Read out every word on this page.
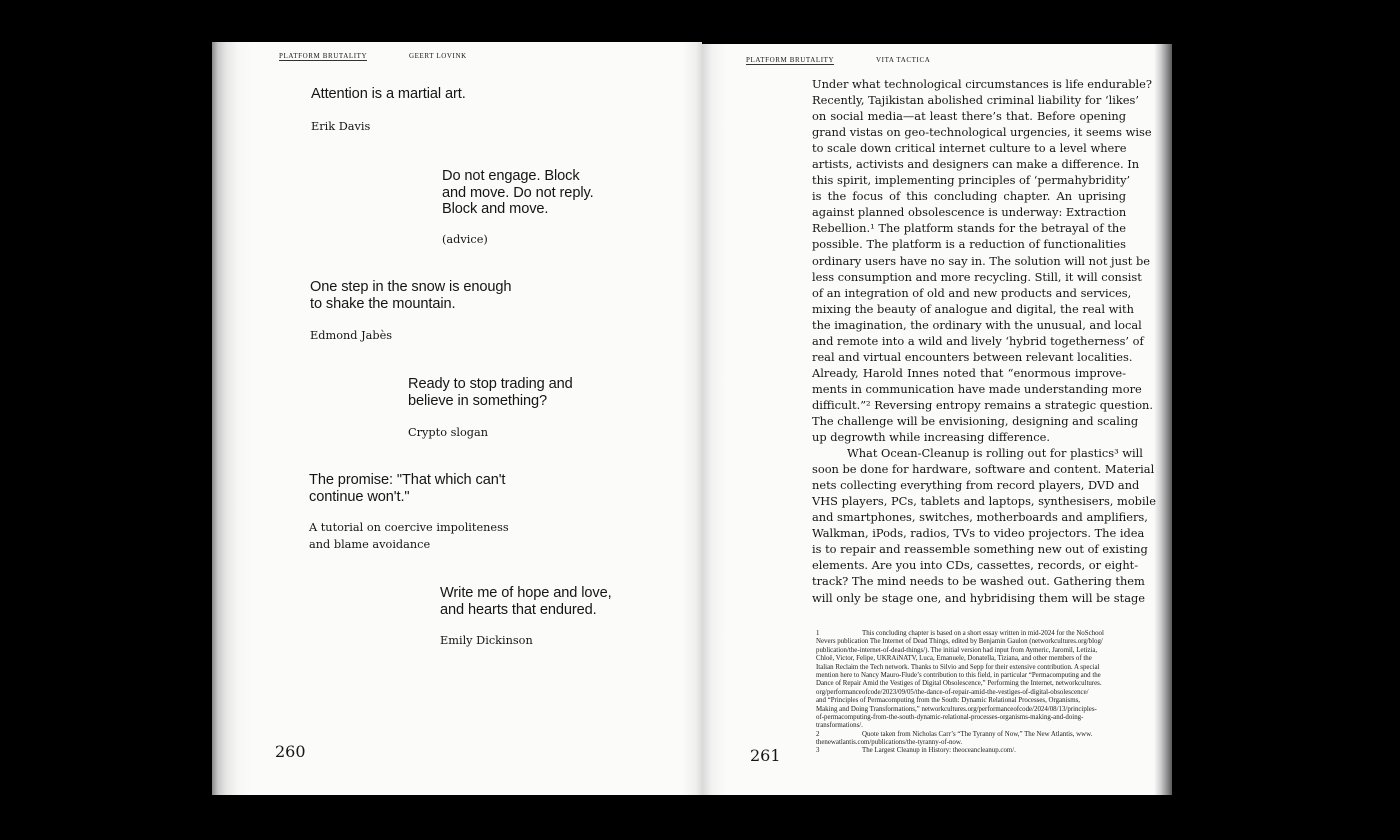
PLATFORM BRUTALITY	GEERT LOVINK
Attention is a martial art.
Erik Davis
Do not engage. Block
and move. Do not reply.
Block and move.
(advice)
One step in the snow is enough
to shake the mountain.
Edmond Jabès
Ready to stop trading and
believe in something?
Crypto slogan
The promise: "That which can't
continue won't."
A tutorial on coercive impoliteness
and blame avoidance
Write me of hope and love,
and hearts that endured.
Emily Dickinson
260
PLATFORM BRUTALITY	VITA TACTICA
Under what technological circumstances is life endurable?
Recently, Tajikistan abolished criminal liability for ‘likes’
on social media—at least there’s that. Before opening
grand vistas on geo-technological urgencies, it seems wise
to scale down critical internet culture to a level where
artists, activists and designers can make a difference. In
this spirit, implementing principles of ‘permahybridity’
is the focus of this concluding chapter. An uprising
against planned obsolescence is underway: Extraction
Rebellion.¹ The platform stands for the betrayal of the
possible. The platform is a reduction of functionalities
ordinary users have no say in. The solution will not just be
less consumption and more recycling. Still, it will consist
of an integration of old and new products and services,
mixing the beauty of analogue and digital, the real with
the imagination, the ordinary with the unusual, and local
and remote into a wild and lively ‘hybrid togetherness’ of
real and virtual encounters between relevant localities.
Already, Harold Innes noted that “enormous improve-
ments in communication have made understanding more
difficult.”² Reversing entropy remains a strategic question.
The challenge will be envisioning, designing and scaling
up degrowth while increasing difference.
What Ocean-Cleanup is rolling out for plastics³ will
soon be done for hardware, software and content. Material
nets collecting everything from record players, DVD and
VHS players, PCs, tablets and laptops, synthesisers, mobile
and smartphones, switches, motherboards and amplifiers,
Walkman, iPods, radios, TVs to video projectors. The idea
is to repair and reassemble something new out of existing
elements. Are you into CDs, cassettes, records, or eight-
track? The mind needs to be washed out. Gathering them
will only be stage one, and hybridising them will be stage
1	This concluding chapter is based on a short essay written in mid-2024 for the NoSchool
Nevers publication The Internet of Dead Things, edited by Benjamin Gaulon (networkcultures.org/blog/
publication/the-internet-of-dead-things/). The initial version had input from Aymeric, Jaromil, Letizia,
Chloë, Victor, Felipe, UKRAiNATV, Luca, Emanuele, Donatella, Tiziana, and other members of the
Italian Reclaim the Tech network. Thanks to Silvio and Sepp for their extensive contribution. A special
mention here to Nancy Mauro-Flude’s contribution to this field, in particular “Permacomputing and the
Dance of Repair Amid the Vestiges of Digital Obsolescence,” Performing the Internet, networkcultures.
org/performanceofcode/2023/09/05/the-dance-of-repair-amid-the-vestiges-of-digital-obsolescence/
and “Principles of Permacomputing from the South: Dynamic Relational Processes, Organisms,
Making and Doing Transformations,” networkcultures.org/performanceofcode/2024/08/13/principles-
of-permacomputing-from-the-south-dynamic-relational-processes-organisms-making-and-doing-
transformations/.
2	Quote taken from Nicholas Carr’s “The Tyranny of Now,” The New Atlantis, www.
thenewatlantis.com/publications/the-tyranny-of-now.
3	The Largest Cleanup in History: theoceancleanup.com/.
261
